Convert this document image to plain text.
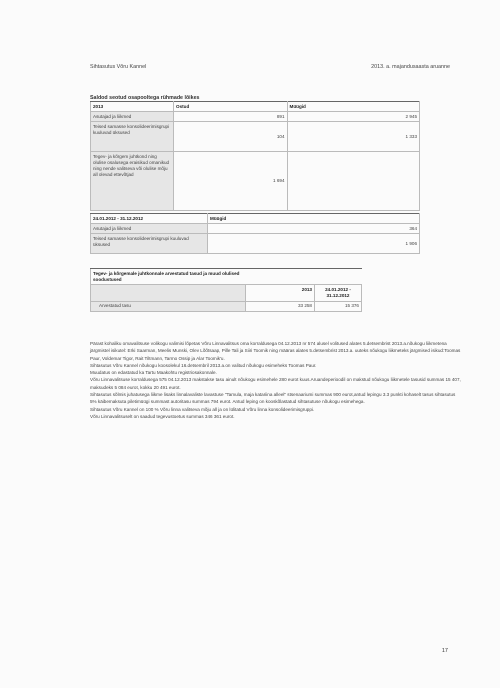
Sihtasutus Võru Kannel	2013. a. majandusaasta aruanne
Saldod seotud osapooltega rühmade lõikes
2013	Ostud	Müügid
Asutajad ja liikmed	891	2 945
Teised samasse konsolideerimisgrupi kuuluvad üksused	104	1 333
Tegev- ja kõrgem juhtkond ning olulise osalusega eraisikud omanikud ning nende valitseva või olulise mõju all olevad ettevõtjad	1 694	
24.01.2012 - 31.12.2012	Müügid
Asutajad ja liikmed	364
Teised samasse konsolideerimisgrupi kuuluvad üksused	1 906
Tegev- ja kõrgemale juhtkonnale arvestatud tasud ja muud olulised soodustused		

	2013	24.01.2012 - 31.12.2012
Arvestatud tasu	33 258	15 376

Pärast kohaliku omavalitsuse volikogu valimisi lõpetas Võru Linnavalitsus oma korraldusega 04.12.2013 nr 574 alusel volitused alates 5.detsembrist 2013.a.nõukogu liikmetena järgmistel isikutel: Erki Saarman, Meelis Munski, Olev Lõõtsaap, Pille Tali ja Siiri Toomik ning määras alates 5.detsembrist 2013.a. uuteks nõukogu liikmeteks järgmised isikud:Toomas Paur, Voldemar Tigor, Rait Tiltmann, Tarmo Ossip ja Alar Toomik'u.

Sihtasutus Võru Kannel nõukogu koosolekul 16.detsembril 2013.a.on valitud nõukogu esimeheks Toomas Paur.

Muudatus on edastatud ka Tartu Maakohtu registriosakonnale.

Võru Linnavalitsuse korraldusega 575 04.12.2013 makstakse tasu ainult nõukogu esimehele 280 eurot kuus.Aruandeperioodil on makstud nõukogu liikmetele tasusid summas 15 407, maksudeks 5 084 eurot, kokku 20 491 eurot.

Sihtasutus sõlmis juhatusega liikme lisaks linnalavaliste lavastuse "Tamula, maja katariina alleel" stsenaariumi summas 900 eurot,antud lepingu 3.3 punkti kohaselt tasus sihtasutus 5% käibemaksuta piletimüügi summast autoritasu summas 794 eurot. Antud leping on kooskõlastatud sihtasutuse nõukogu esimehega.

Sihtasutus Võru Kannel on 100 % Võru linna valitseva mõju all ja on lülitatud Võru linna konsolideerimisgruppi.

Võru Linnavalitsuselt on saadud tegevustoetus summas 346 361 eurot.

17
